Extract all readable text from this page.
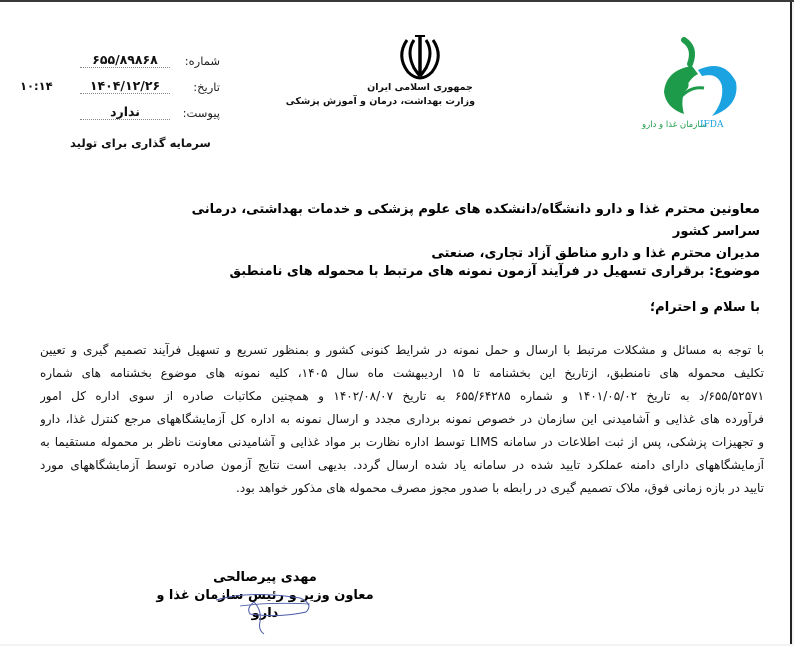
شماره:
۶۵۵/۸۹۸۶۸
۱۰:۱۴	تاریخ:
۱۴۰۴/۱۲/۲۶
پیوست:
ندارد
سرمایه گذاری برای تولید
جمهوری اسلامی ایران
وزارت بهداشت، درمان و آموزش پزشکی
سازمان غذا و دارو
IFDA
معاونین محترم غذا و دارو دانشگاه/دانشکده های علوم پزشکی و خدمات بهداشتی، درمانی سراسر کشور
مدیران محترم غذا و دارو مناطق آزاد تجاری، صنعتی
موضوع: برقراری تسهیل در فرآیند آزمون نمونه های مرتبط با محموله های نامنطبق
با سلام و احترام؛
با توجه به مسائل و مشکلات مرتبط با ارسال و حمل نمونه در شرایط کنونی کشور و بمنظور تسریع و تسهیل فرآیند تصمیم گیری و تعیین
تکلیف محموله های نامنطبق، ازتاریخ این بخشنامه تا ۱۵ اردیبهشت ماه سال ۱۴۰۵، کلیه نمونه های موضوع بخشنامه های شماره
۶۵۵/۵۲۵۷۱/د به تاریخ ۱۴۰۱/۰۵/۰۲ و شماره ۶۵۵/۶۴۲۸۵ به تاریخ ۱۴۰۲/۰۸/۰۷ و همچنین مکاتبات صادره از سوی اداره کل امور
فرآورده های غذایی و آشامیدنی این سازمان در خصوص نمونه برداری مجدد و ارسال نمونه به اداره کل آزمایشگاههای مرجع کنترل غذا، دارو
و تجهیزات پزشکی، پس از ثبت اطلاعات در سامانه LIMS توسط اداره نظارت بر مواد غذایی و آشامیدنی معاونت ناظر بر محموله مستقیما به
آزمایشگاههای دارای دامنه عملکرد تایید شده در سامانه یاد شده ارسال گردد. بدیهی است نتایج آزمون صادره توسط آزمایشگاههای مورد
تایید در بازه زمانی فوق، ملاک تصمیم گیری در رابطه با صدور مجوز مصرف محموله های مذکور خواهد بود.
مهدی پیرصالحی
معاون وزیر و رئیس سازمان غذا و دارو
